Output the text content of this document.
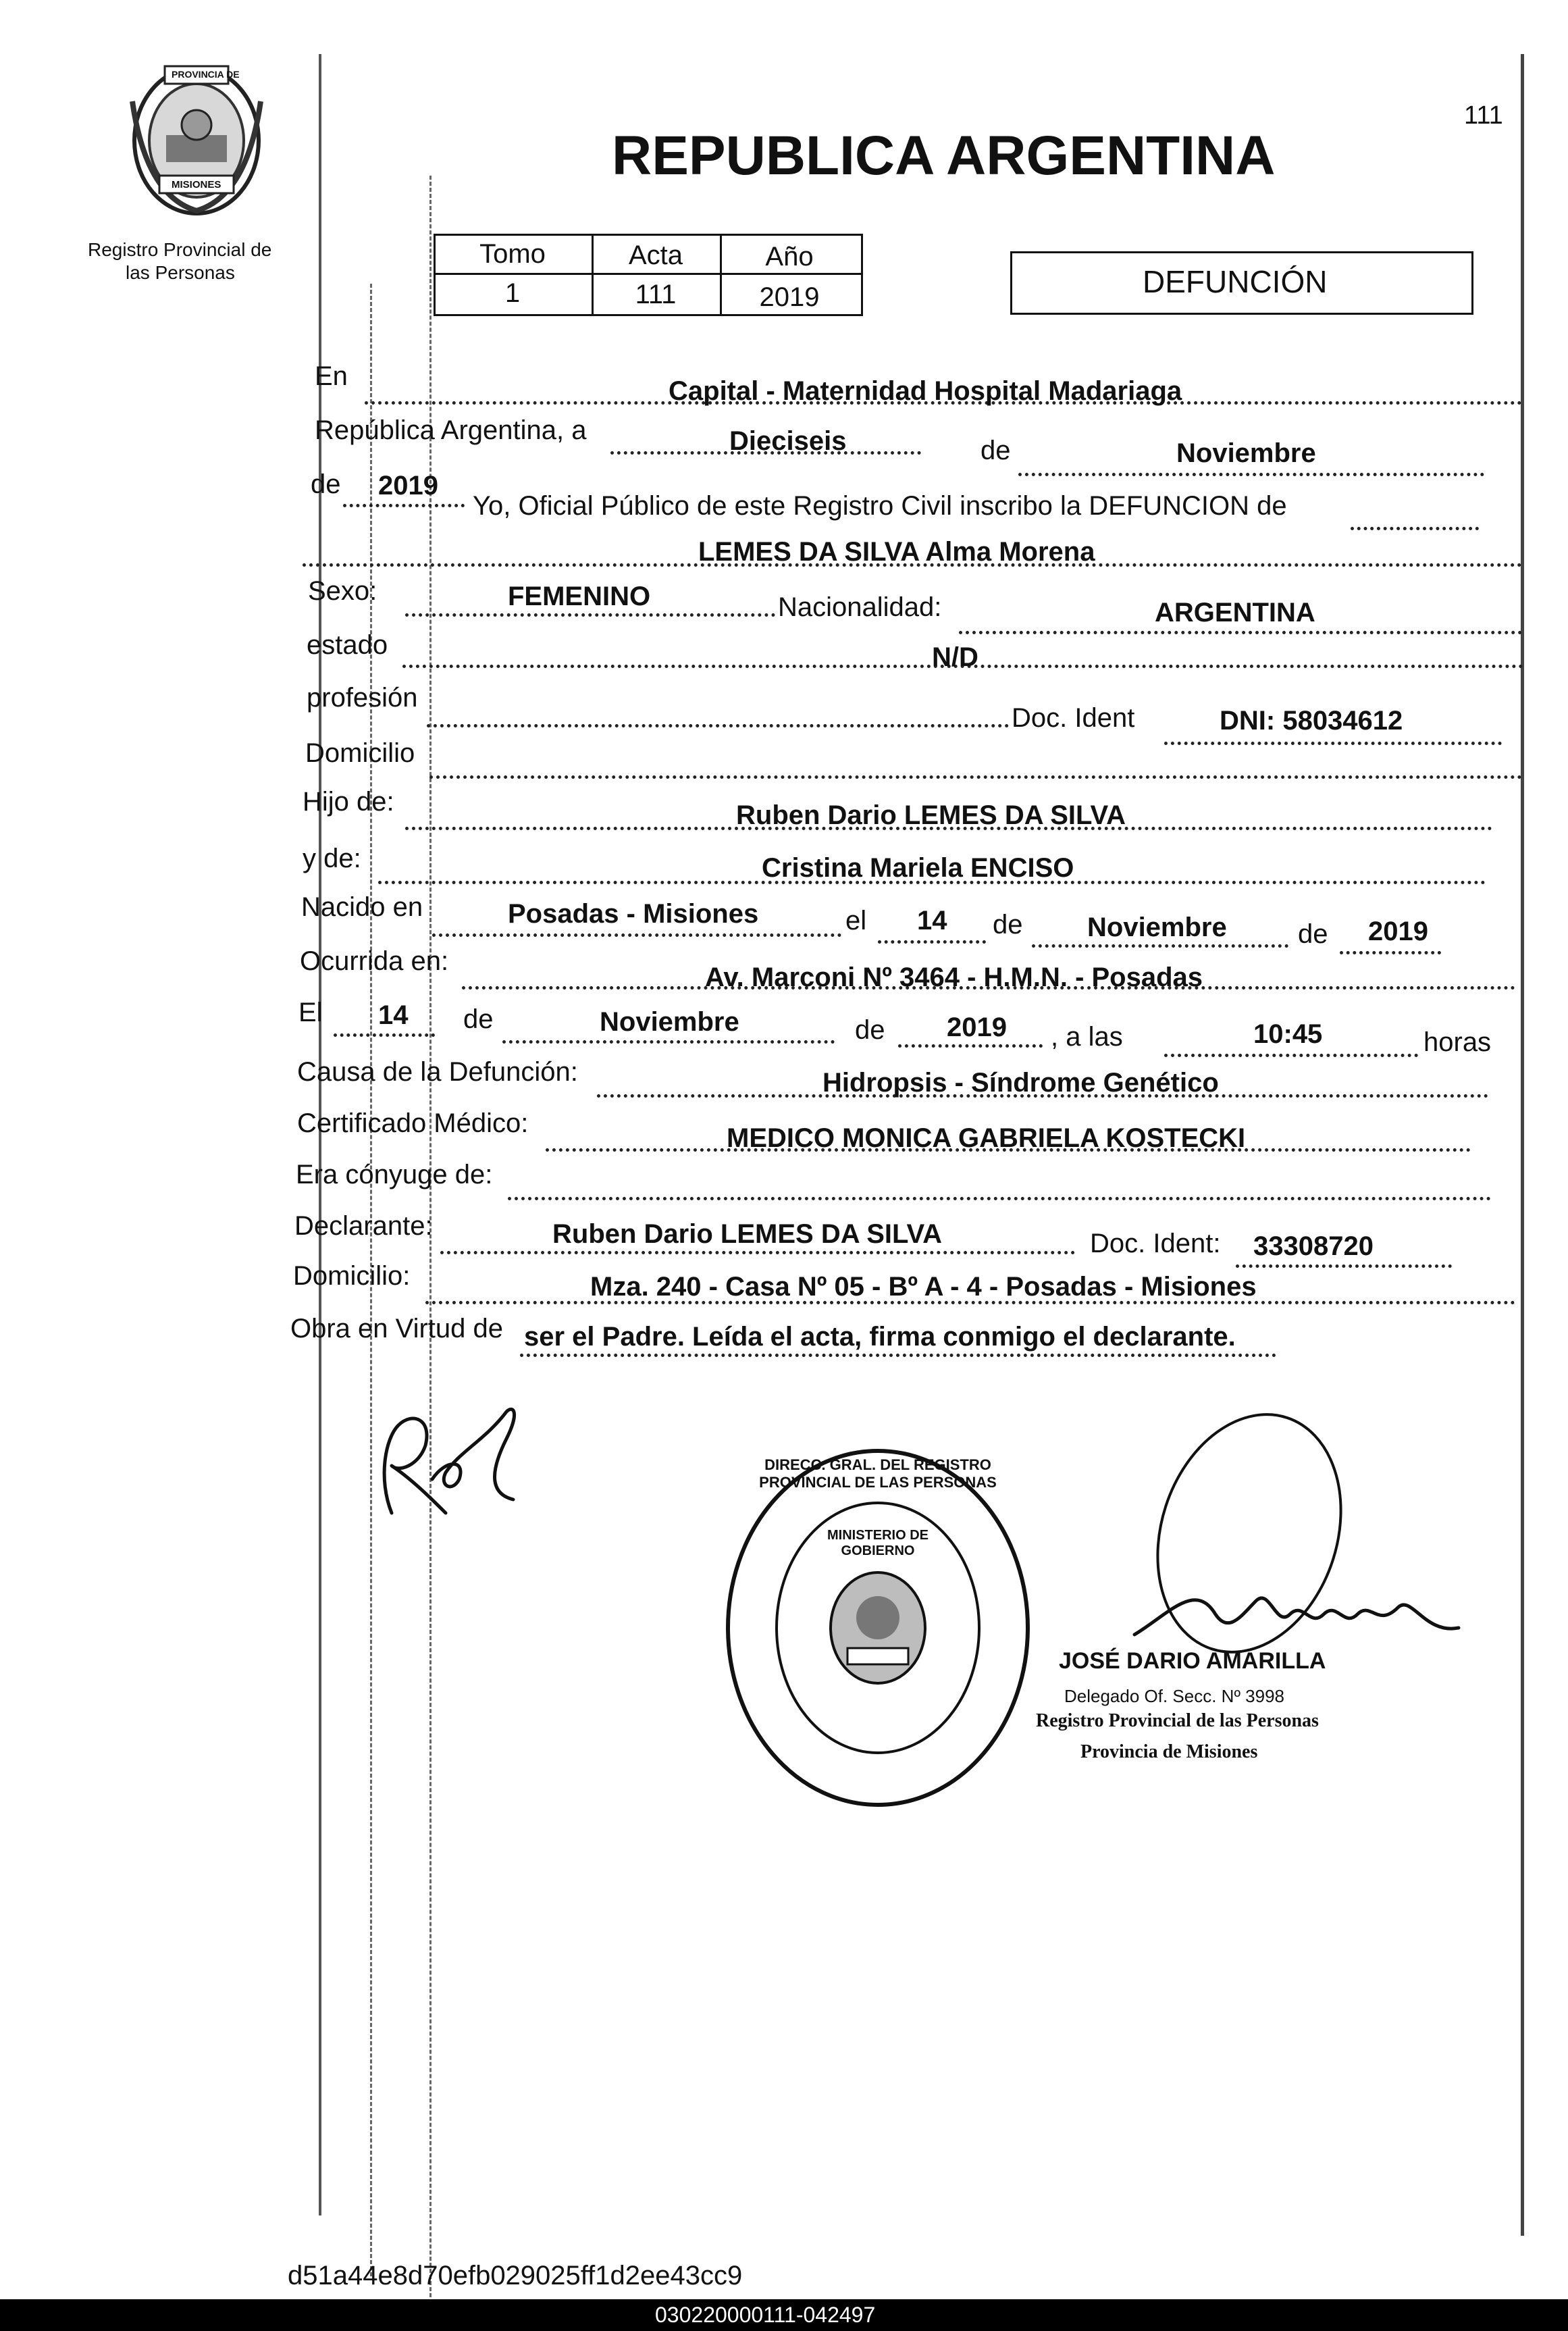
111
PROVINCIA DE
MISIONES
Registro Provincial de
las Personas
REPUBLICA ARGENTINA
Tomo	Acta	Año
1	111	2019	DEFUNCIÓN
En	Capital - Maternidad Hospital Madariaga
República Argentina, a	Dieciseis	de	Noviembre
de 2019
Yo, Oficial Público de este Registro Civil inscribo la DEFUNCION de
LEMES DA SILVA Alma Morena
Sexo:	FEMENINO	Nacionalidad:	ARGENTINA
estado	N/D
profesión
Doc. Ident	DNI: 58034612
Domicilio
Hijo de:	Ruben Dario LEMES DA SILVA
y de:	Cristina Mariela ENCISO
Nacido en	Posadas - Misiones	el 14 de Noviembre	de 2019
Ocurrida en:
Av. Marconi Nº 3464 - H.M.N. - Posadas
El 14 de	Noviembre	de 2019 , a las	10:45	horas
Causa de la Defunción:	Hidropsis - Síndrome Genético
Certificado Médico:	MEDICO MONICA GABRIELA KOSTECKI
Era cónyuge de:
Declarante:	Ruben Dario LEMES DA SILVA	Doc. Ident: 33308720
Domicilio:	Mza. 240 - Casa Nº 05 - Bº A - 4 - Posadas - Misiones
Obra en Virtud de ser el Padre. Leída el acta, firma conmigo el declarante.
DIRECC. GRAL. DEL REGISTRO PROVINCIAL DE LAS PERSONAS
MINISTERIO DE GOBIERNO
JOSÉ DARIO AMARILLA
Delegado Of. Secc. Nº 3998
Registro Provincial de las Personas
Provincia de Misiones
d51a44e8d70efb029025ff1d2ee43cc9
030220000111-042497
